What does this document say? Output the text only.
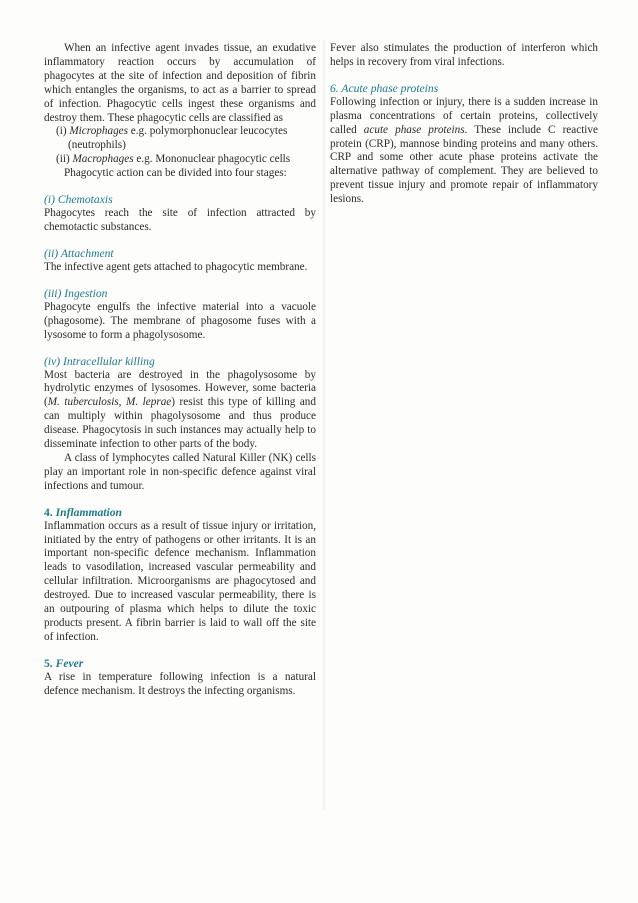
When an infective agent invades tissue, an exudative inflammatory reaction occurs by accumulation of phagocytes at the site of infection and deposition of fibrin which entangles the organisms, to act as a barrier to spread of infection. Phagocytic cells ingest these organisms and destroy them. These phagocytic cells are classified as

(i) Microphages e.g. polymorphonuclear leucocytes (neutrophils)
(ii) Macrophages e.g. Mononuclear phagocytic cells

Phagocytic action can be divided into four stages:

(i) Chemotaxis

Phagocytes reach the site of infection attracted by chemotactic substances.

(ii) Attachment

The infective agent gets attached to phagocytic membrane.

(iii) Ingestion

Phagocyte engulfs the infective material into a vacuole (phagosome). The membrane of phagosome fuses with a lysosome to form a phagolysosome.

(iv) Intracellular killing

Most bacteria are destroyed in the phagolysosome by hydrolytic enzymes of lysosomes. However, some bacteria (M. tuberculosis, M. leprae) resist this type of killing and can multiply within phagolysosome and thus produce disease. Phagocytosis in such instances may actually help to disseminate infection to other parts of the body.

A class of lymphocytes called Natural Killer (NK) cells play an important role in non-specific defence against viral infections and tumour.

4. Inflammation

Inflammation occurs as a result of tissue injury or irritation, initiated by the entry of pathogens or other irritants. It is an important non-specific defence mechanism. Inflammation leads to vasodilation, increased vascular permeability and cellular infiltration. Microorganisms are phagocytosed and destroyed. Due to increased vascular permeability, there is an outpouring of plasma which helps to dilute the toxic products present. A fibrin barrier is laid to wall off the site of infection.

5. Fever

A rise in temperature following infection is a natural defence mechanism. It destroys the infecting organisms.

Fever also stimulates the production of interferon which helps in recovery from viral infections.

6. Acute phase proteins

Following infection or injury, there is a sudden increase in plasma concentrations of certain proteins, collectively called acute phase proteins. These include C reactive protein (CRP), mannose binding proteins and many others. CRP and some other acute phase proteins activate the alternative pathway of complement. They are believed to prevent tissue injury and promote repair of inflammatory lesions.
